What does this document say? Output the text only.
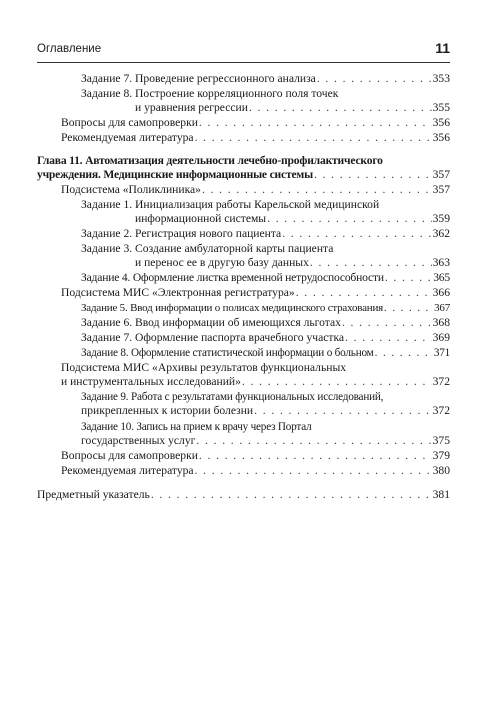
Оглавление	11
Задание 7. Проведение регрессионного анализа . . .	353
Задание 8. Построение корреляционного поля точек
и уравнения регрессии . . .	355
Вопросы для самопроверки . . .	356
Рекомендуемая литература . . .	356
Глава 11. Автоматизация деятельности лечебно-профилактического
учреждения. Медицинские информационные системы . . .	357
Подсистема «Поликлиника» . . .	357
Задание 1. Инициализация работы Карельской медицинской
информационной системы . . .	359
Задание 2. Регистрация нового пациента . . .	362
Задание 3. Создание амбулаторной карты пациента
и перенос ее в другую базу данных . . .	363
Задание 4. Оформление листка временной нетрудоспособности . . .	365
Подсистема МИС «Электронная регистратура» . . .	366
Задание 5. Ввод информации о полисах медицинского страхования . . .	367
Задание 6. Ввод информации об имеющихся льготах . . .	368
Задание 7. Оформление паспорта врачебного участка . . .	369
Задание 8. Оформление статистической информации о больном . . .	371
Подсистема МИС «Архивы результатов функциональных
и инструментальных исследований» . . .	372
Задание 9. Работа с результатами функциональных исследований,
прикрепленных к истории болезни . . .	372
Задание 10. Запись на прием к врачу через Портал
государственных услуг . . .	375
Вопросы для самопроверки . . .	379
Рекомендуемая литература . . .	380
Предметный указатель . . .	381
